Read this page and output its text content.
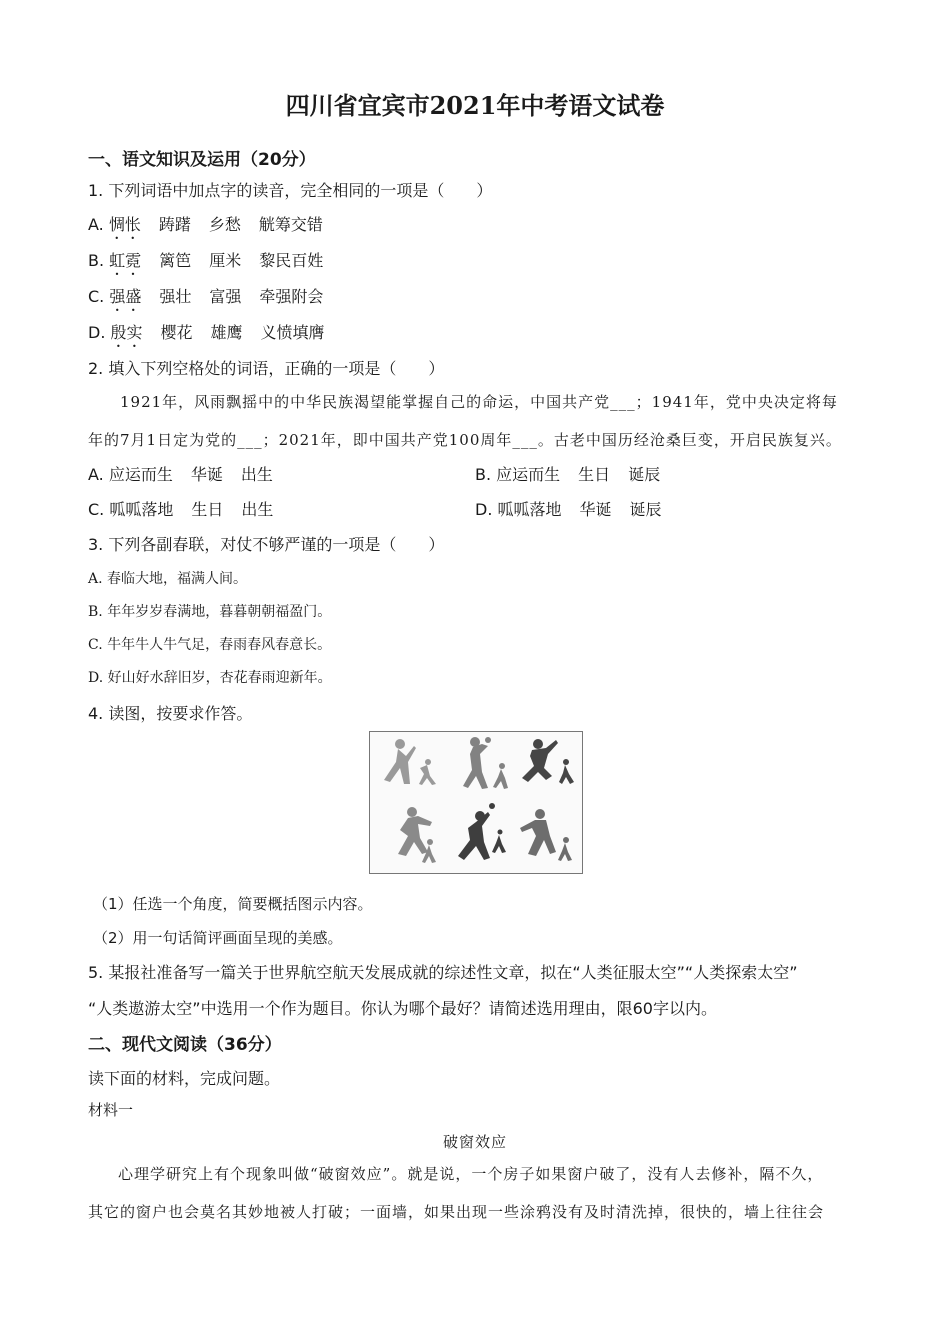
四川省宜宾市2021年中考语文试卷
一、语文知识及运用（20分）
1. 下列词语中加点字的读音，完全相同的一项是（　　）
A. 惆怅 踌躇 乡愁 觥筹交错
B. 虹霓 篱笆 厘米 黎民百姓
C. 强盛 强壮 富强 牵强附会
D. 殷实 樱花 雄鹰 义愤填膺
2. 填入下列空格处的词语，正确的一项是（　　）
1921年，风雨飘摇中的中华民族渴望能掌握自己的命运，中国共产党___；1941年，党中央决定将每
年的7月1日定为党的___；2021年，即中国共产党100周年___。古老中国历经沧桑巨变，开启民族复兴。
A. 应运而生 华诞 出生	B. 应运而生 生日 诞辰
C. 呱呱落地 生日 出生	D. 呱呱落地 华诞 诞辰
3. 下列各副春联，对仗不够严谨的一项是（　　）
A. 春临大地，福满人间。
B. 年年岁岁春满地，暮暮朝朝福盈门。
C. 牛年牛人牛气足，春雨春风春意长。
D. 好山好水辞旧岁，杏花春雨迎新年。
4. 读图，按要求作答。
（1）任选一个角度，简要概括图示内容。
（2）用一句话简评画面呈现的美感。
5. 某报社准备写一篇关于世界航空航天发展成就的综述性文章，拟在“人类征服太空”“人类探索太空”
“人类遨游太空”中选用一个作为题目。你认为哪个最好？请简述选用理由，限60字以内。
二、现代文阅读（36分）
读下面的材料，完成问题。
材料一
破窗效应
心理学研究上有个现象叫做“破窗效应”。就是说，一个房子如果窗户破了，没有人去修补，隔不久，
其它的窗户也会莫名其妙地被人打破；一面墙，如果出现一些涂鸦没有及时清洗掉，很快的，墙上往往会
